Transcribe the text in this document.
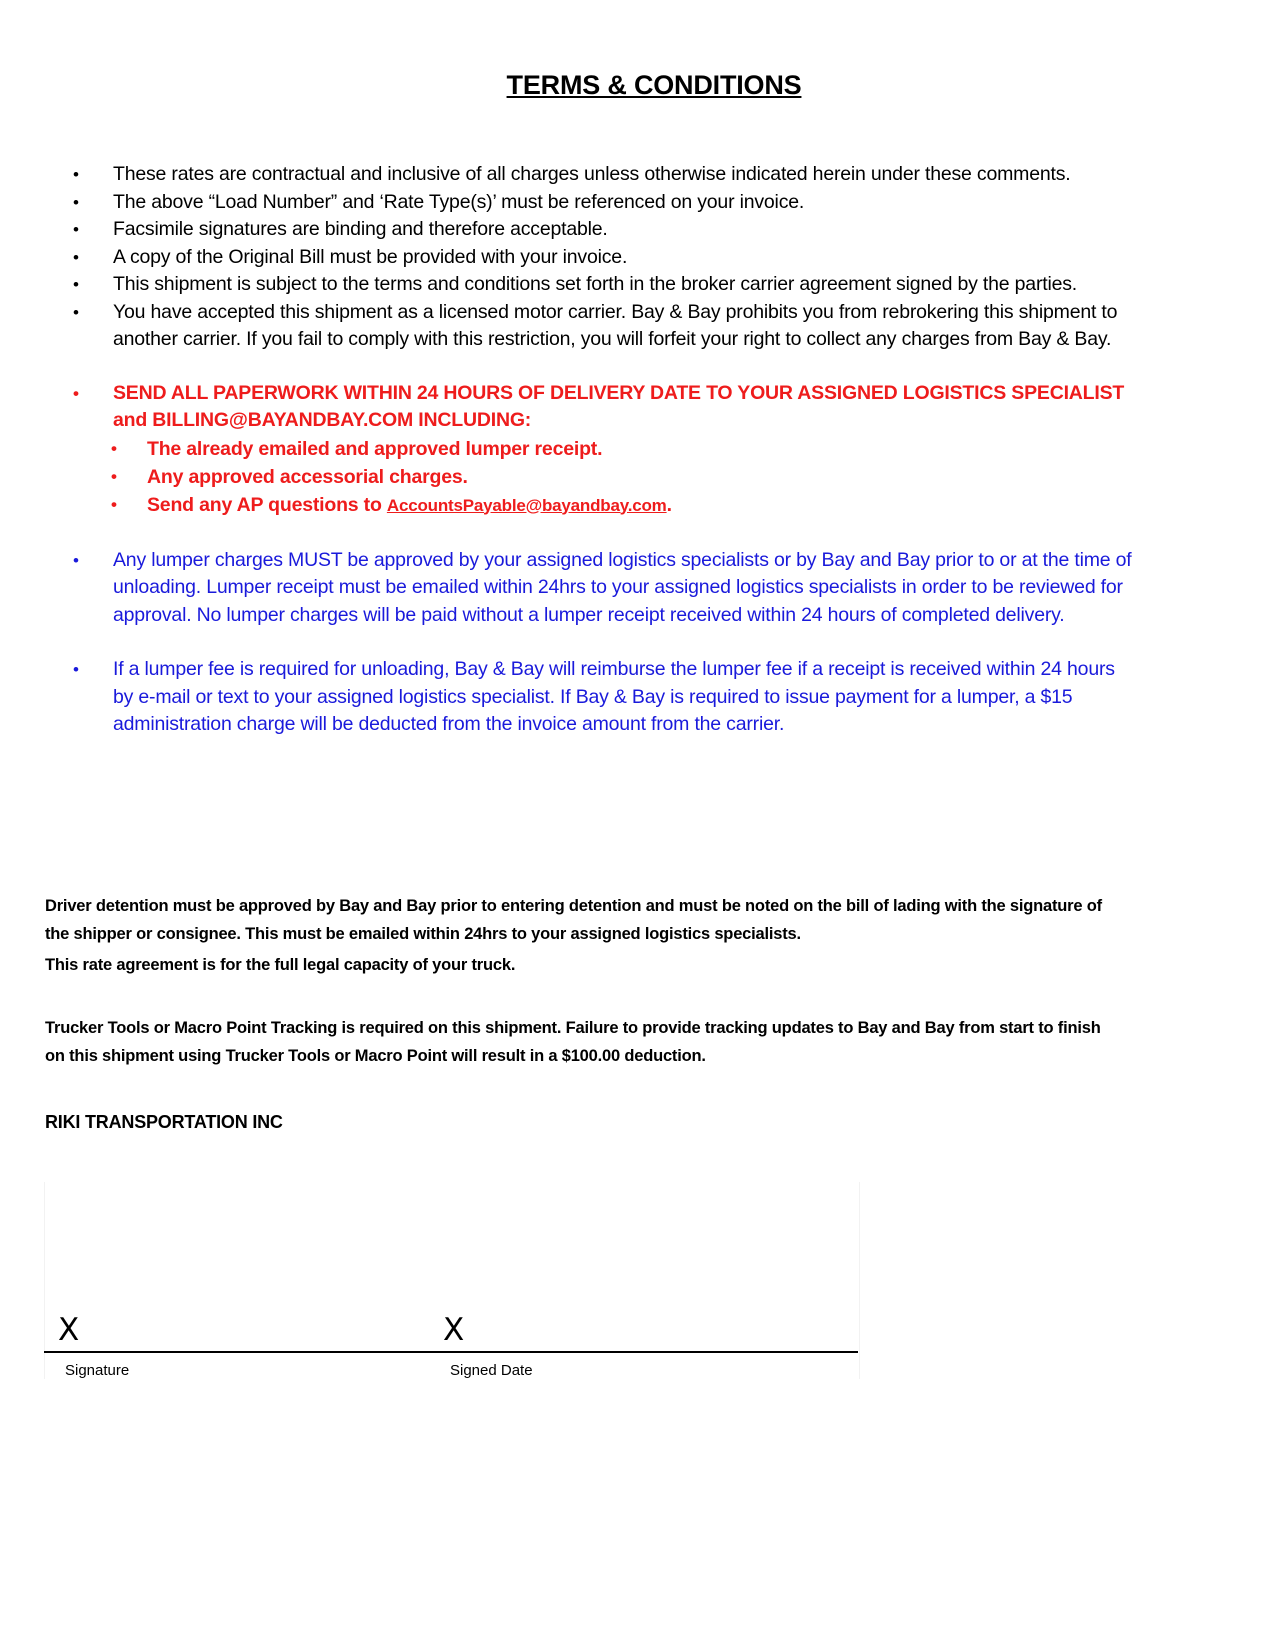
TERMS & CONDITIONS
•	These rates are contractual and inclusive of all charges unless otherwise indicated herein under these comments.
•	The above “Load Number” and ‘Rate Type(s)’ must be referenced on your invoice.
•	Facsimile signatures are binding and therefore acceptable.
•	A copy of the Original Bill must be provided with your invoice.
•	This shipment is subject to the terms and conditions set forth in the broker carrier agreement signed by the parties.
•	You have accepted this shipment as a licensed motor carrier. Bay & Bay prohibits you from rebrokering this shipment to another carrier. If you fail to comply with this restriction, you will forfeit your right to collect any charges from Bay & Bay.
•	SEND ALL PAPERWORK WITHIN 24 HOURS OF DELIVERY DATE TO YOUR ASSIGNED LOGISTICS SPECIALIST and BILLING@BAYANDBAY.COM INCLUDING:
•	The already emailed and approved lumper receipt.
•	Any approved accessorial charges.
•	Send any AP questions to AccountsPayable@bayandbay.com.
•	Any lumper charges MUST be approved by your assigned logistics specialists or by Bay and Bay prior to or at the time of unloading. Lumper receipt must be emailed within 24hrs to your assigned logistics specialists in order to be reviewed for approval. No lumper charges will be paid without a lumper receipt received within 24 hours of completed delivery.
•	If a lumper fee is required for unloading, Bay & Bay will reimburse the lumper fee if a receipt is received within 24 hours by e-mail or text to your assigned logistics specialist. If Bay & Bay is required to issue payment for a lumper, a $15 administration charge will be deducted from the invoice amount from the carrier.
Driver detention must be approved by Bay and Bay prior to entering detention and must be noted on the bill of lading with the signature of the shipper or consignee. This must be emailed within 24hrs to your assigned logistics specialists.
This rate agreement is for the full legal capacity of your truck.
Trucker Tools or Macro Point Tracking is required on this shipment. Failure to provide tracking updates to Bay and Bay from start to finish on this shipment using Trucker Tools or Macro Point will result in a $100.00 deduction.
RIKI TRANSPORTATION INC
X	X
Signature	Signed Date
